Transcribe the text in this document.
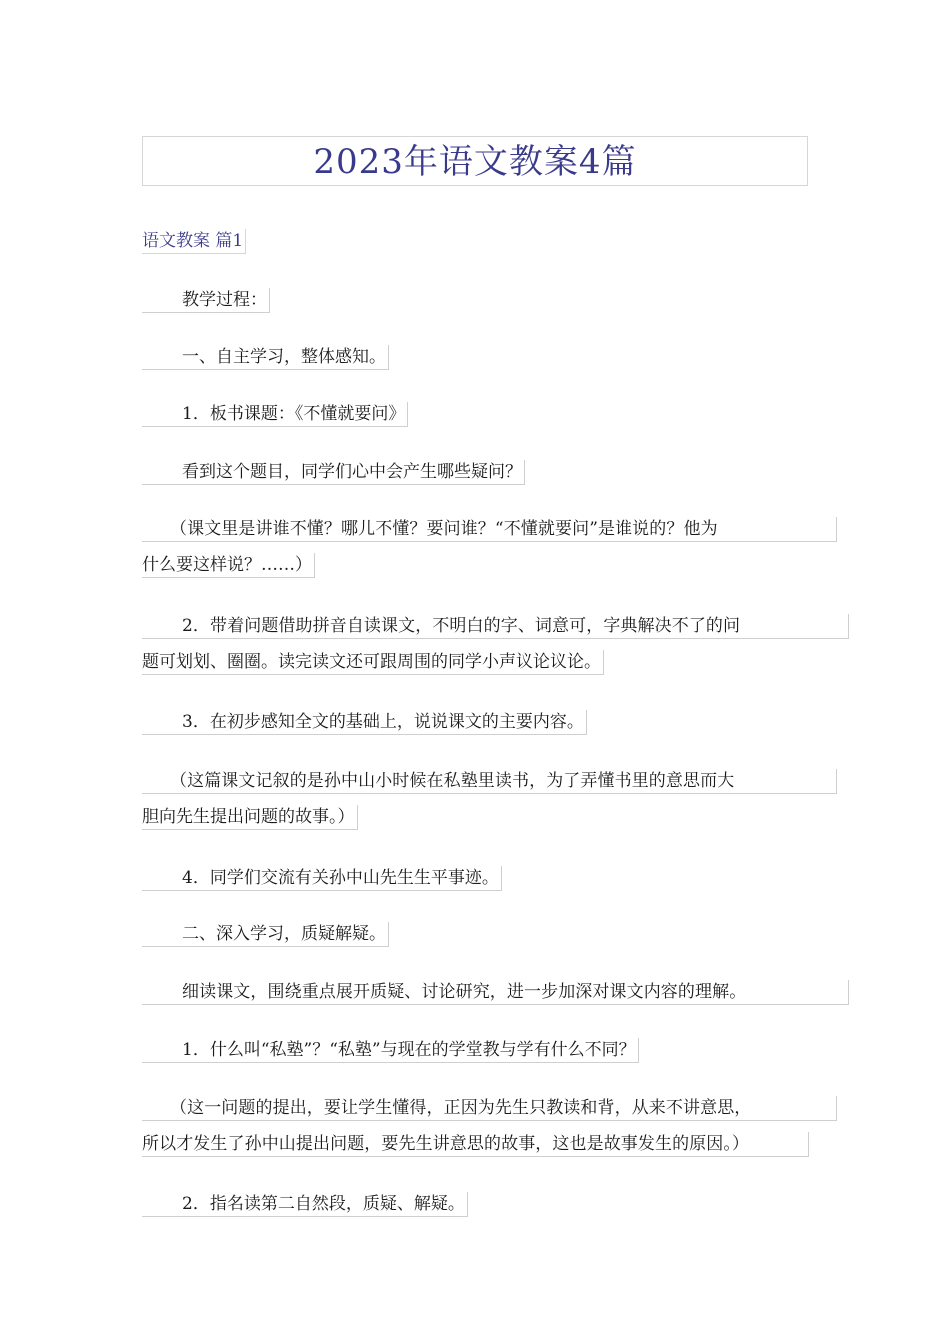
2023年语文教案4篇
语文教案 篇1
教学过程：
一、自主学习，整体感知。
1．板书课题：《不懂就要问》
看到这个题目，同学们心中会产生哪些疑问？
（课文里是讲谁不懂？哪儿不懂？要问谁？“不懂就要问”是谁说的？他为
什么要这样说？……）
2．带着问题借助拼音自读课文，不明白的字、词意可，字典解决不了的问
题可划划、圈圈。读完读文还可跟周围的同学小声议论议论。
3．在初步感知全文的基础上，说说课文的主要内容。
（这篇课文记叙的是孙中山小时候在私塾里读书，为了弄懂书里的意思而大
胆向先生提出问题的故事。）
4．同学们交流有关孙中山先生生平事迹。
二、深入学习，质疑解疑。
细读课文，围绕重点展开质疑、讨论研究，进一步加深对课文内容的理解。
1．什么叫“私塾”？“私塾”与现在的学堂教与学有什么不同？
（这一问题的提出，要让学生懂得，正因为先生只教读和背，从来不讲意思，
所以才发生了孙中山提出问题，要先生讲意思的故事，这也是故事发生的原因。）
2．指名读第二自然段，质疑、解疑。
